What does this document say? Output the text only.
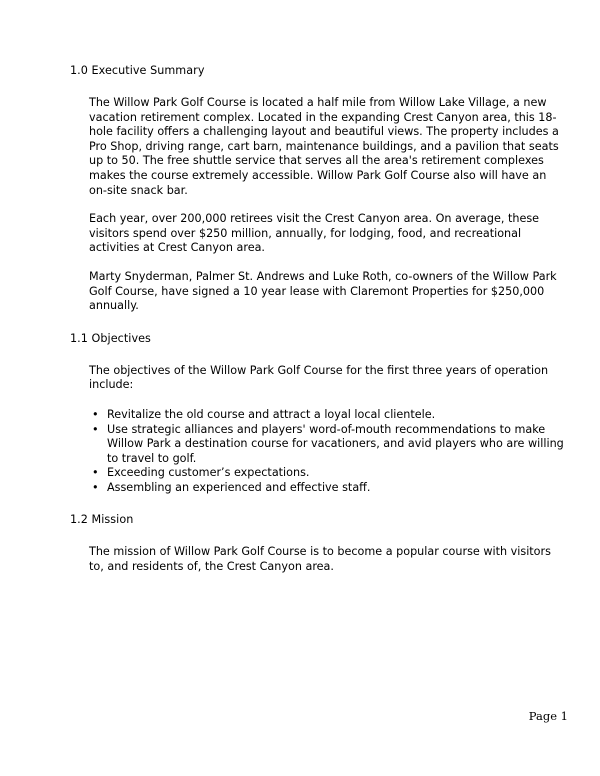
1.0 Executive Summary

The Willow Park Golf Course is located a half mile from Willow Lake Village, a new vacation retirement complex. Located in the expanding Crest Canyon area, this 18-hole facility offers a challenging layout and beautiful views. The property includes a Pro Shop, driving range, cart barn, maintenance buildings, and a pavilion that seats up to 50. The free shuttle service that serves all the area's retirement complexes makes the course extremely accessible. Willow Park Golf Course also will have an on-site snack bar.

Each year, over 200,000 retirees visit the Crest Canyon area. On average, these visitors spend over $250 million, annually, for lodging, food, and recreational activities at Crest Canyon area.

Marty Snyderman, Palmer St. Andrews and Luke Roth, co-owners of the Willow Park Golf Course, have signed a 10 year lease with Claremont Properties for $250,000 annually.

1.1 Objectives

The objectives of the Willow Park Golf Course for the first three years of operation include:

• Revitalize the old course and attract a loyal local clientele.
• Use strategic alliances and players' word-of-mouth recommendations to make Willow Park a destination course for vacationers, and avid players who are willing to travel to golf.
• Exceeding customer’s expectations.
• Assembling an experienced and effective staff.
1.2 Mission

The mission of Willow Park Golf Course is to become a popular course with visitors to, and residents of, the Crest Canyon area.

Page 1
